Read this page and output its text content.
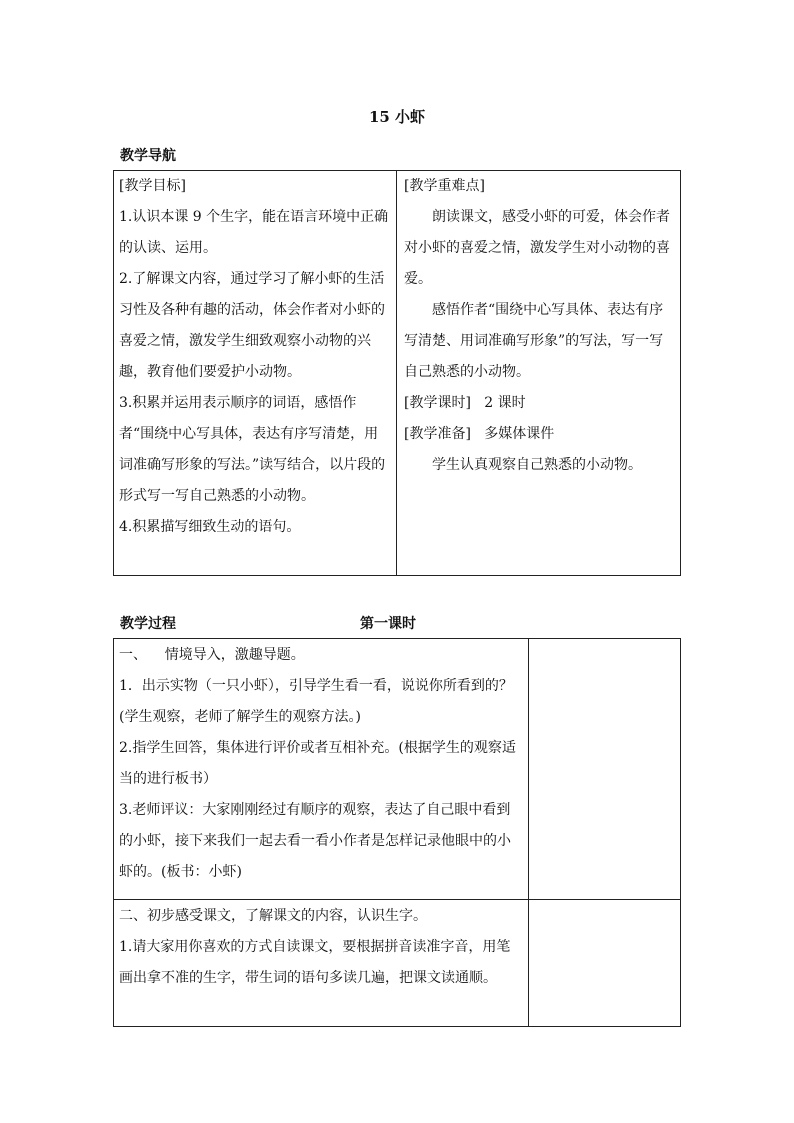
15 小虾
教学导航

[教学目标]

1.认识本课 9 个生字，能在语言环境中正确的认读、运用。

2.了解课文内容，通过学习了解小虾的生活习性及各种有趣的活动，体会作者对小虾的喜爱之情，激发学生细致观察小动物的兴趣，教育他们要爱护小动物。

3.积累并运用表示顺序的词语，感悟作者“围绕中心写具体，表达有序写清楚，用词准确写形象的写法。”读写结合，以片段的形式写一写自己熟悉的小动物。

4.积累描写细致生动的语句。

[教学重难点]

朗读课文，感受小虾的可爱，体会作者对小虾的喜爱之情，激发学生对小动物的喜爱。

感悟作者“围绕中心写具体、表达有序写清楚、用词准确写形象”的写法，写一写自己熟悉的小动物。

[教学课时] 2 课时

[教学准备] 多媒体课件

学生认真观察自己熟悉的小动物。

教学过程	第一课时

一、    情境导入，激趣导题。

1．出示实物（一只小虾），引导学生看一看，说说你所看到的？(学生观察，老师了解学生的观察方法。)

2.指学生回答，集体进行评价或者互相补充。(根据学生的观察适当的进行板书）

3.老师评议：大家刚刚经过有顺序的观察，表达了自己眼中看到的小虾，接下来我们一起去看一看小作者是怎样记录他眼中的小虾的。(板书：小虾)

二、初步感受课文，了解课文的内容，认识生字。

1.请大家用你喜欢的方式自读课文，要根据拼音读准字音，用笔画出拿不准的生字，带生词的语句多读几遍，把课文读通顺。
